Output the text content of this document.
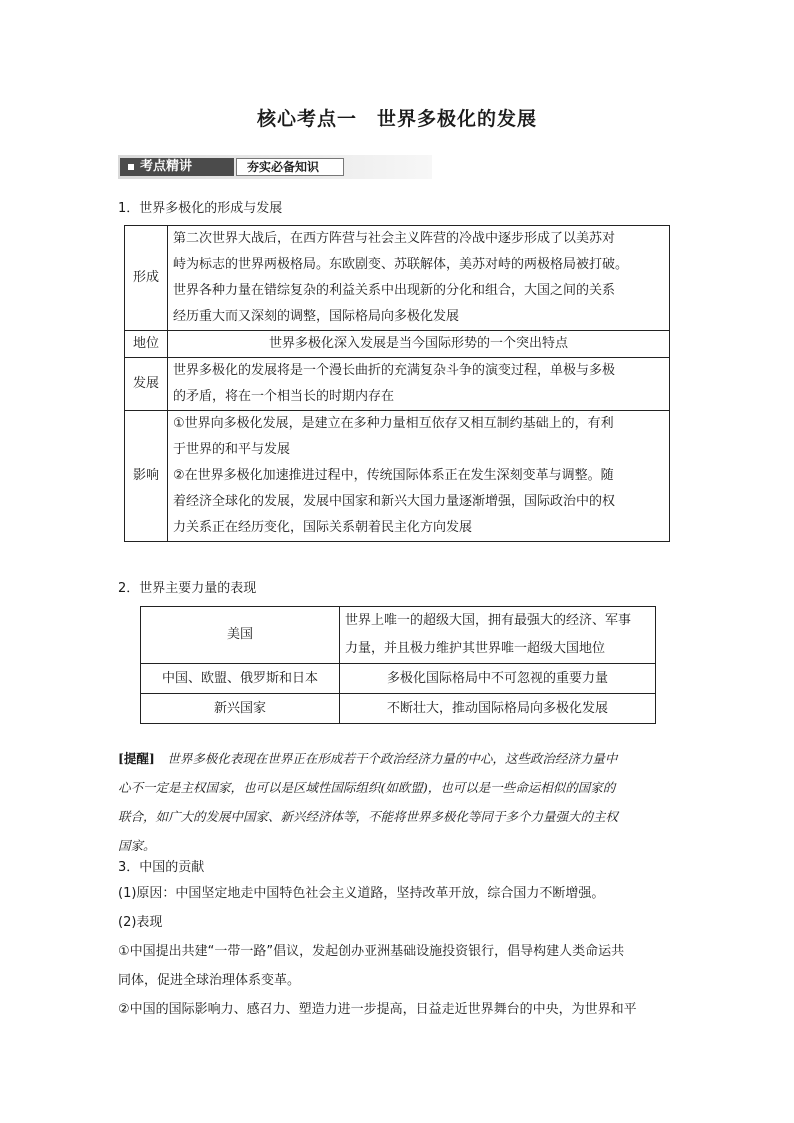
核心考点一　世界多极化的发展
考点精讲	夯实必备知识
1．世界多极化的形成与发展
形成	第二次世界大战后，在西方阵营与社会主义阵营的冷战中逐步形成了以美苏对
峙为标志的世界两极格局。东欧剧变、苏联解体，美苏对峙的两极格局被打破。
世界各种力量在错综复杂的利益关系中出现新的分化和组合，大国之间的关系
经历重大而又深刻的调整，国际格局向多极化发展

地位	世界多极化深入发展是当今国际形势的一个突出特点

发展	世界多极化的发展将是一个漫长曲折的充满复杂斗争的演变过程，单极与多极
的矛盾，将在一个相当长的时期内存在

影响	①世界向多极化发展，是建立在多种力量相互依存又相互制约基础上的，有利
于世界的和平与发展
②在世界多极化加速推进过程中，传统国际体系正在发生深刻变革与调整。随
着经济全球化的发展，发展中国家和新兴大国力量逐渐增强，国际政治中的权
力关系正在经历变化，国际关系朝着民主化方向发展
2．世界主要力量的表现
美国	世界上唯一的超级大国，拥有最强大的经济、军事
力量，并且极力维护其世界唯一超级大国地位

中国、欧盟、俄罗斯和日本	多极化国际格局中不可忽视的重要力量
新兴国家	不断壮大，推动国际格局向多极化发展
[提醒]　 世界多极化表现在世界正在形成若干个政治经济力量的中心，这些政治经济力量中
心不一定是主权国家，也可以是区域性国际组织(如欧盟)，也可以是一些命运相似的国家的
联合，如广大的发展中国家、新兴经济体等，不能将世界多极化等同于多个力量强大的主权
国家。
3．中国的贡献
(1)原因：中国坚定地走中国特色社会主义道路，坚持改革开放，综合国力不断增强。
(2)表现
①中国提出共建“一带一路”倡议，发起创办亚洲基础设施投资银行，倡导构建人类命运共
同体，促进全球治理体系变革。
②中国的国际影响力、感召力、塑造力进一步提高，日益走近世界舞台的中央，为世界和平
